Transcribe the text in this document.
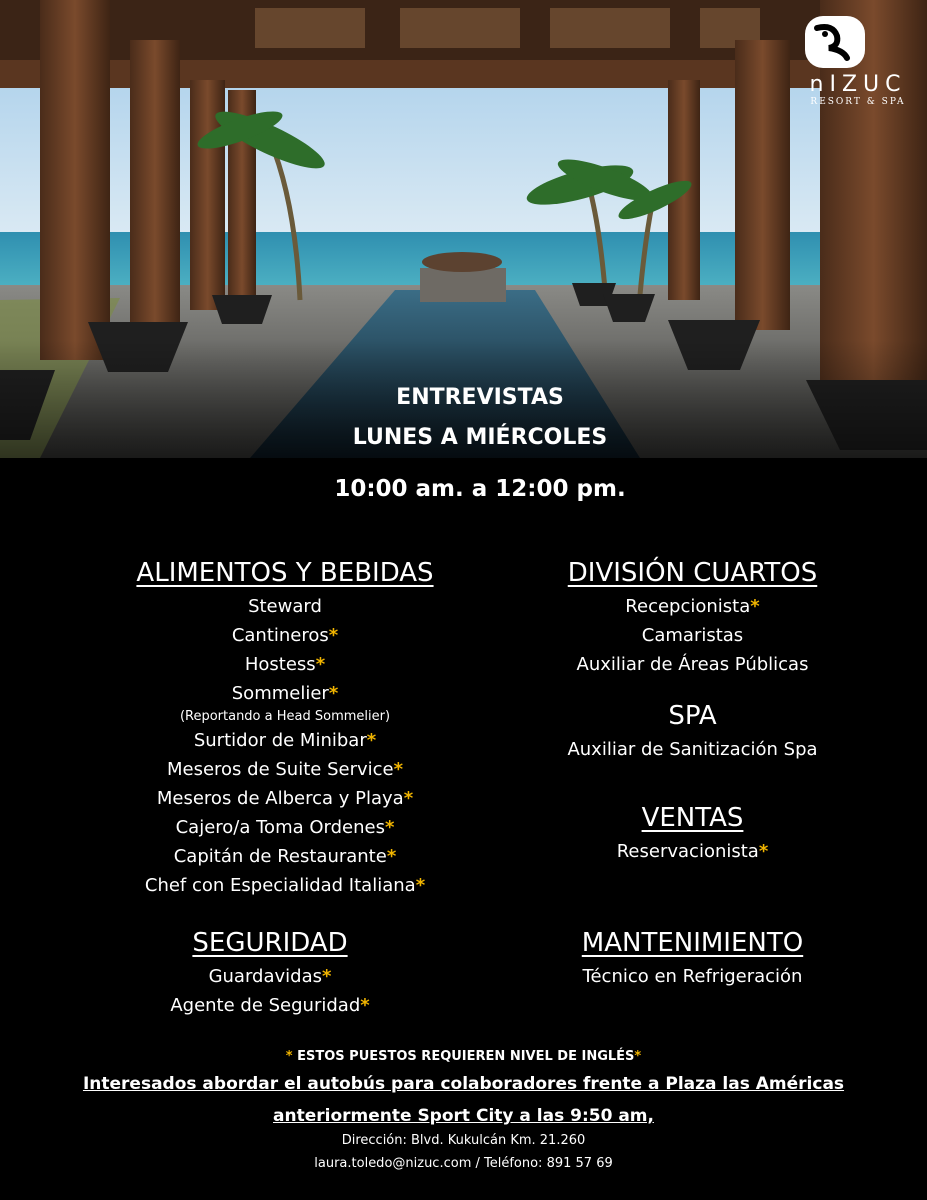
nIZUC
RESORT & SPA
ENTREVISTAS
LUNES A MIÉRCOLES
10:00 am. a 12:00 pm.
ALIMENTOS Y BEBIDAS
Steward
Cantineros*
Hostess*
Sommelier*
(Reportando a Head Sommelier)
Surtidor de Minibar*
Meseros de Suite Service*
Meseros de Alberca y Playa*
Cajero/a Toma Ordenes*
Capitán de Restaurante*
Chef con Especialidad Italiana*
SEGURIDAD
Guardavidas*
Agente de Seguridad*
DIVISIÓN CUARTOS
Recepcionista*
Camaristas
Auxiliar de Áreas Públicas
SPA
Auxiliar de Sanitización Spa
VENTAS
Reservacionista*
MANTENIMIENTO
Técnico en Refrigeración
* ESTOS PUESTOS REQUIEREN NIVEL DE INGLÉS*
Interesados abordar el autobús para colaboradores frente a Plaza las Américas
anteriormente Sport City a las 9:50 am,
Dirección: Blvd. Kukulcán Km. 21.260
laura.toledo@nizuc.com / Teléfono: 891 57 69
